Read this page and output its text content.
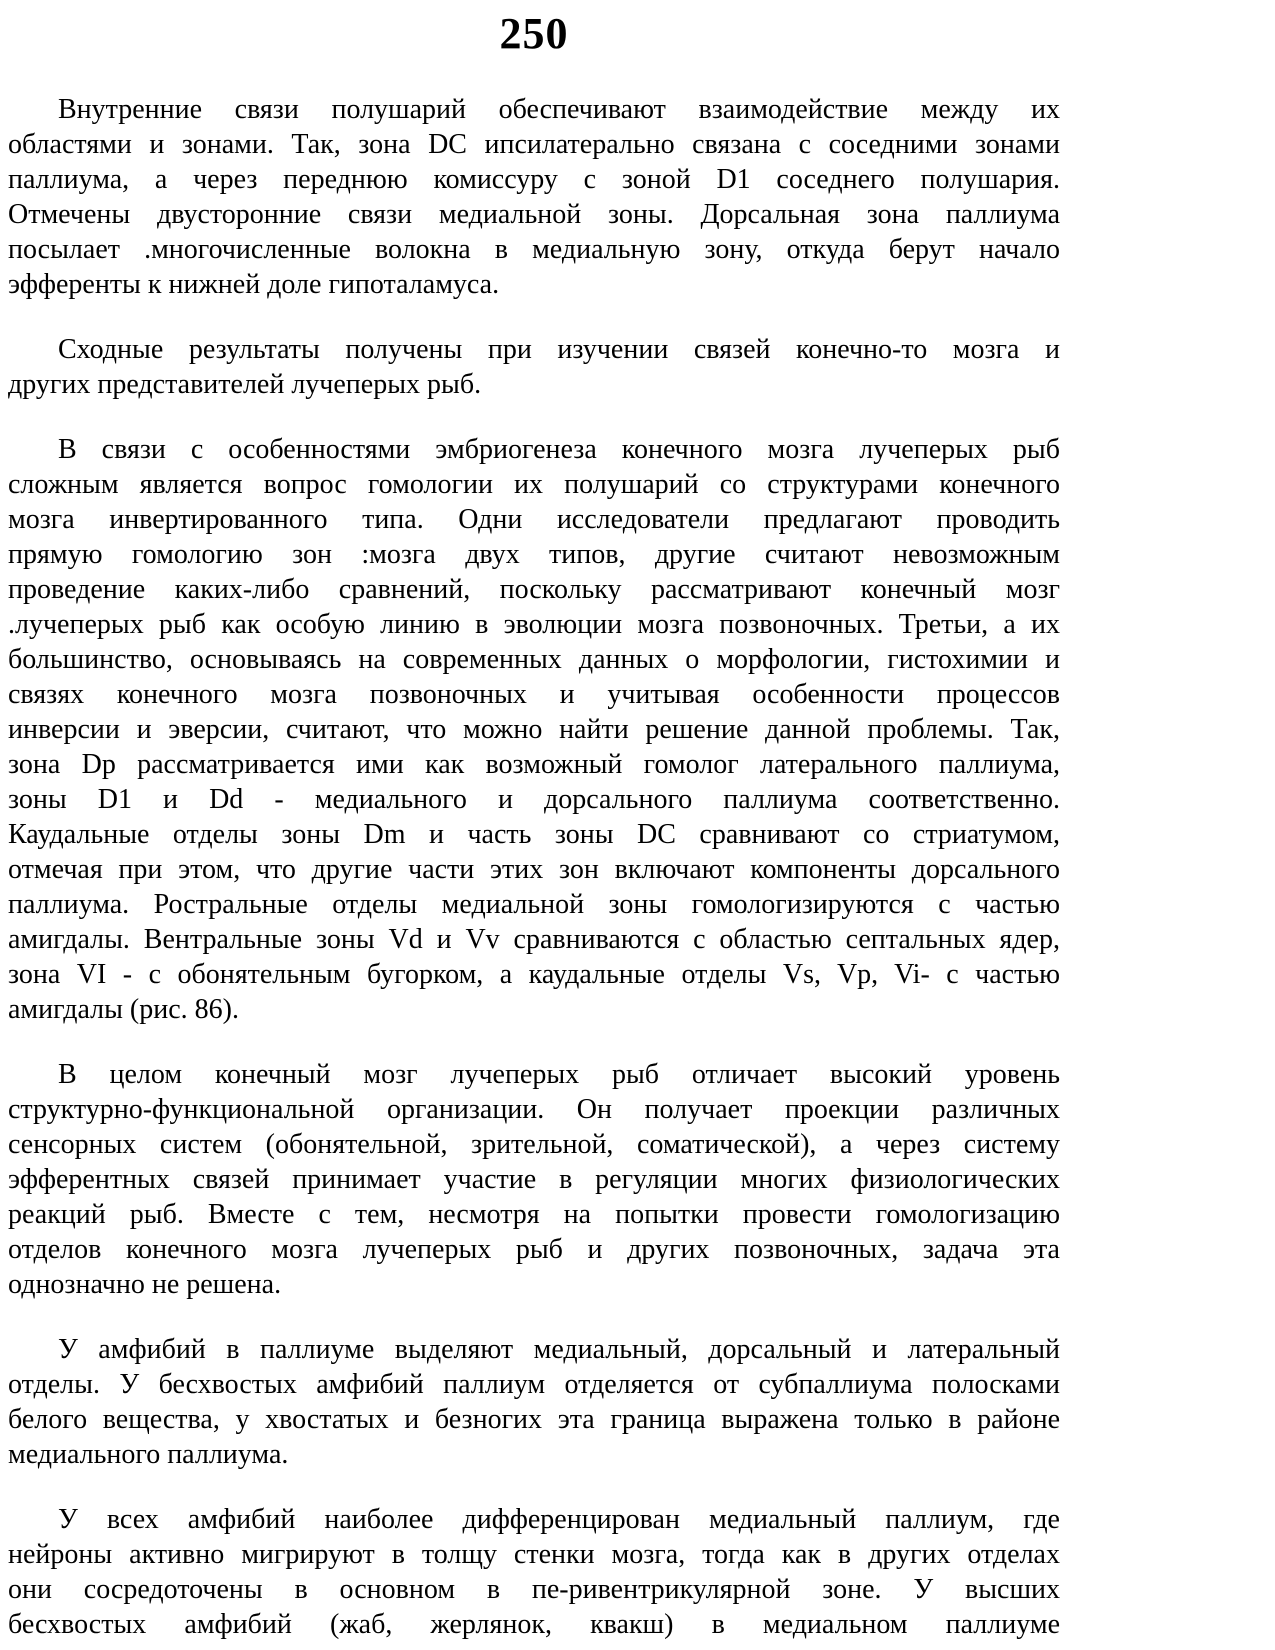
250
Внутренние связи полушарий обеспечивают взаимодействие между их
областями и зонами. Так, зона DC ипсилатерально связана с соседними зонами
паллиума, а через переднюю комиссуру с зоной D1 соседнего полушария.
Отмечены двусторонние связи медиальной зоны. Дорсальная зона паллиума
посылает .многочисленные волокна в медиальную зону, откуда берут начало
эфференты к нижней доле гипоталамуса.
Сходные результаты получены при изучении связей конечно-то мозга и
других представителей лучеперых рыб.
В связи с особенностями эмбриогенеза конечного мозга лучеперых рыб
сложным является вопрос гомологии их полушарий со структурами конечного
мозга инвертированного типа. Одни исследователи предлагают проводить
прямую гомологию зон :мозга двух типов, другие считают невозможным
проведение каких-либо сравнений, поскольку рассматривают конечный мозг
.лучеперых рыб как особую линию в эволюции мозга позвоночных. Третьи, а их
большинство, основываясь на современных данных о морфологии, гистохимии и
связях конечного мозга позвоночных и учитывая особенности процессов
инверсии и эверсии, считают, что можно найти решение данной проблемы. Так,
зона Dp рассматривается ими как возможный гомолог латерального паллиума,
зоны D1 и Dd - медиального и дорсального паллиума соответственно.
Каудальные отделы зоны Dm и часть зоны DC сравнивают со стриатумом,
отмечая при этом, что другие части этих зон включают компоненты дорсального
паллиума. Ростральные отделы медиальной зоны гомологизируются с частью
амигдалы. Вентральные зоны Vd и Vv сравниваются с областью септальных ядер,
зона VI - с обонятельным бугорком, а каудальные отделы Vs, Vp, Vi- с частью
амигдалы (рис. 86).
В целом конечный мозг лучеперых рыб отличает высокий уровень
структурно-функциональной организации. Он получает проекции различных
сенсорных систем (обонятельной, зрительной, соматической), а через систему
эфферентных связей принимает участие в регуляции многих физиологических
реакций рыб. Вместе с тем, несмотря на попытки провести гомологизацию
отделов конечного мозга лучеперых рыб и других позвоночных, задача эта
однозначно не решена.
У амфибий в паллиуме выделяют медиальный, дорсальный и латеральный
отделы. У бесхвостых амфибий паллиум отделяется от субпаллиума полосками
белого вещества, у хвостатых и безногих эта граница выражена только в районе
медиального паллиума.
У всех амфибий наиболее дифференцирован медиальный паллиум, где
нейроны активно мигрируют в толщу стенки мозга, тогда как в других отделах
они сосредоточены в основном в пе-ривентрикулярной зоне. У высших
бесхвостых амфибий (жаб, жерлянок, квакш) в медиальном паллиуме
